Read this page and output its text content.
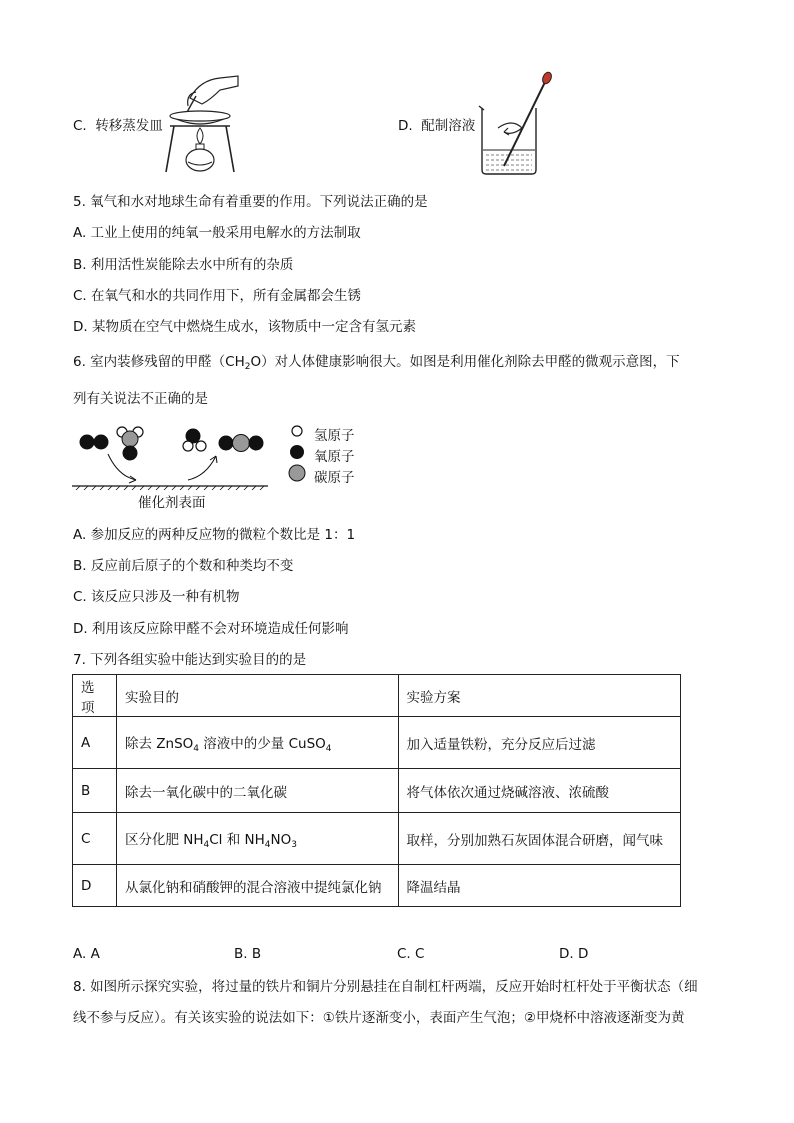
C. 转移蒸发皿	D. 配制溶液
5. 氧气和水对地球生命有着重要的作用。下列说法正确的是
A. 工业上使用的纯氧一般采用电解水的方法制取
B. 利用活性炭能除去水中所有的杂质
C. 在氧气和水的共同作用下，所有金属都会生锈
D. 某物质在空气中燃烧生成水，该物质中一定含有氢元素
6. 室内装修残留的甲醛$(CH_2O)$对人体健康影响很大。如图是利用催化剂除去甲醛的微观示意图，下
列有关说法不正确的是
氢原子
氧原子
碳原子
催化剂表面
A. 参加反应的两种反应物的微粒个数比是 1：1
B. 反应前后原子的个数和种类均不变
C. 该反应只涉及一种有机物
D. 利用该反应除甲醛不会对环境造成任何影响
7. 下列各组实验中能达到实验目的的是
选项	实验目的	实验方案
A	除去 ZnSO$_4$ 溶液中的少量 CuSO$_4$	加入适量铁粉，充分反应后过滤
B	除去一氧化碳中的二氧化碳	将气体依次通过烧碱溶液、浓硫酸
C	区分化肥 $NH_4Cl$ 和 $NH_4NO_3$	取样，分别加熟石灰固体混合研磨，闻气味
D	从氯化钠和硝酸钾的混合溶液中提纯氯化钠	降温结晶
A. A	B. B	C. C	D. D
8. 如图所示探究实验，将过量的铁片和铜片分别悬挂在自制杠杆两端，反应开始时杠杆处于平衡状态（细
线不参与反应）。有关该实验的说法如下：①铁片逐渐变小，表面产生气泡；②甲烧杯中溶液逐渐变为黄
